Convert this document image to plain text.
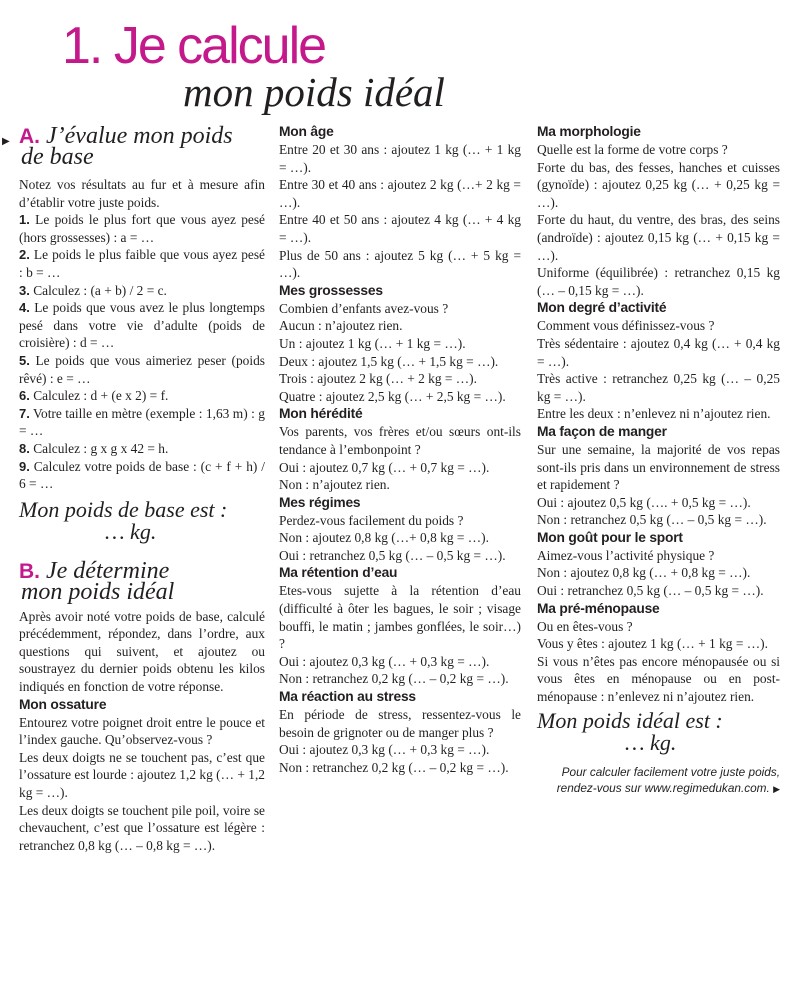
1. Je calcule
mon poids idéal
▶ A. J’évalue mon poids
de base

Notez vos résultats au fur et à mesure afin d’établir votre juste poids.

1. Le poids le plus fort que vous ayez pesé (hors grossesses) : a = …

2. Le poids le plus faible que vous ayez pesé : b = …

3. Calculez : (a + b) / 2 = c.

4. Le poids que vous avez le plus longtemps pesé dans votre vie d’adulte (poids de croisière) : d = …

5. Le poids que vous aimeriez peser (poids rêvé) : e = …

6. Calculez : d + (e x 2) = f.

7. Votre taille en mètre (exemple : 1,63 m) : g = …

8. Calculez : g x g x 42 = h.

9. Calculez votre poids de base : (c + f + h) / 6 = …

Mon poids de base est :
… kg.
B. Je détermine
mon poids idéal

Après avoir noté votre poids de base, calculé précédemment, répondez, dans l’ordre, aux questions qui suivent, et ajoutez ou soustrayez du dernier poids obtenu les kilos indiqués en fonction de votre réponse.

Mon ossature

Entourez votre poignet droit entre le pouce et l’index gauche. Qu’observez-vous ?

Les deux doigts ne se touchent pas, c’est que l’ossature est lourde : ajoutez 1,2 kg (… + 1,2 kg = …).

Les deux doigts se touchent pile poil, voire se chevauchent, c’est que l’ossature est légère : retranchez 0,8 kg (… – 0,8 kg = …).

Mon âge

Entre 20 et 30 ans : ajoutez 1 kg (… + 1 kg = …).

Entre 30 et 40 ans : ajoutez 2 kg (…+ 2 kg = …).

Entre 40 et 50 ans : ajoutez 4 kg (… + 4 kg = …).

Plus de 50 ans : ajoutez 5 kg (… + 5 kg = …).

Mes grossesses

Combien d’enfants avez-vous ?

Aucun : n’ajoutez rien.

Un : ajoutez 1 kg (… + 1 kg = …).

Deux : ajoutez 1,5 kg (… + 1,5 kg = …).

Trois : ajoutez 2 kg (… + 2 kg = …).

Quatre : ajoutez 2,5 kg (… + 2,5 kg = …).

Mon hérédité

Vos parents, vos frères et/ou sœurs ont-ils tendance à l’embonpoint ?

Oui : ajoutez 0,7 kg (… + 0,7 kg = …).

Non : n’ajoutez rien.

Mes régimes

Perdez-vous facilement du poids ?

Non : ajoutez 0,8 kg (…+ 0,8 kg = …).

Oui : retranchez 0,5 kg (… – 0,5 kg = …).

Ma rétention d’eau

Etes-vous sujette à la rétention d’eau (difficulté à ôter les bagues, le soir ; visage bouffi, le matin ; jambes gonflées, le soir…) ?

Oui : ajoutez 0,3 kg (… + 0,3 kg = …).

Non : retranchez 0,2 kg (… – 0,2 kg = …).

Ma réaction au stress

En période de stress, ressentez-vous le besoin de grignoter ou de manger plus ?

Oui : ajoutez 0,3 kg (… + 0,3 kg = …).

Non : retranchez 0,2 kg (… – 0,2 kg = …).

Ma morphologie

Quelle est la forme de votre corps ?

Forte du bas, des fesses, hanches et cuisses (gynoïde) : ajoutez 0,25 kg (… + 0,25 kg = …).

Forte du haut, du ventre, des bras, des seins (androïde) : ajoutez 0,15 kg (… + 0,15 kg = …).

Uniforme (équilibrée) : retranchez 0,15 kg (… – 0,15 kg = …).

Mon degré d’activité

Comment vous définissez-vous ?

Très sédentaire : ajoutez 0,4 kg (… + 0,4 kg = …).

Très active : retranchez 0,25 kg (… – 0,25 kg = …).

Entre les deux : n’enlevez ni n’ajoutez rien.

Ma façon de manger

Sur une semaine, la majorité de vos repas sont-ils pris dans un environnement de stress et rapidement ?

Oui : ajoutez 0,5 kg (…. + 0,5 kg = …).

Non : retranchez 0,5 kg (… – 0,5 kg = …).

Mon goût pour le sport

Aimez-vous l’activité physique ?

Non : ajoutez 0,8 kg (… + 0,8 kg = …).

Oui : retranchez 0,5 kg (… – 0,5 kg = …).

Ma pré-ménopause

Ou en êtes-vous ?

Vous y êtes : ajoutez 1 kg (… + 1 kg = …).

Si vous n’êtes pas encore ménopausée ou si vous êtes en ménopause ou en post-ménopause : n’enlevez ni n’ajoutez rien.

Mon poids idéal est :
… kg.
Pour calculer facilement votre juste poids,
rendez-vous sur www.regimedukan.com. ▶
